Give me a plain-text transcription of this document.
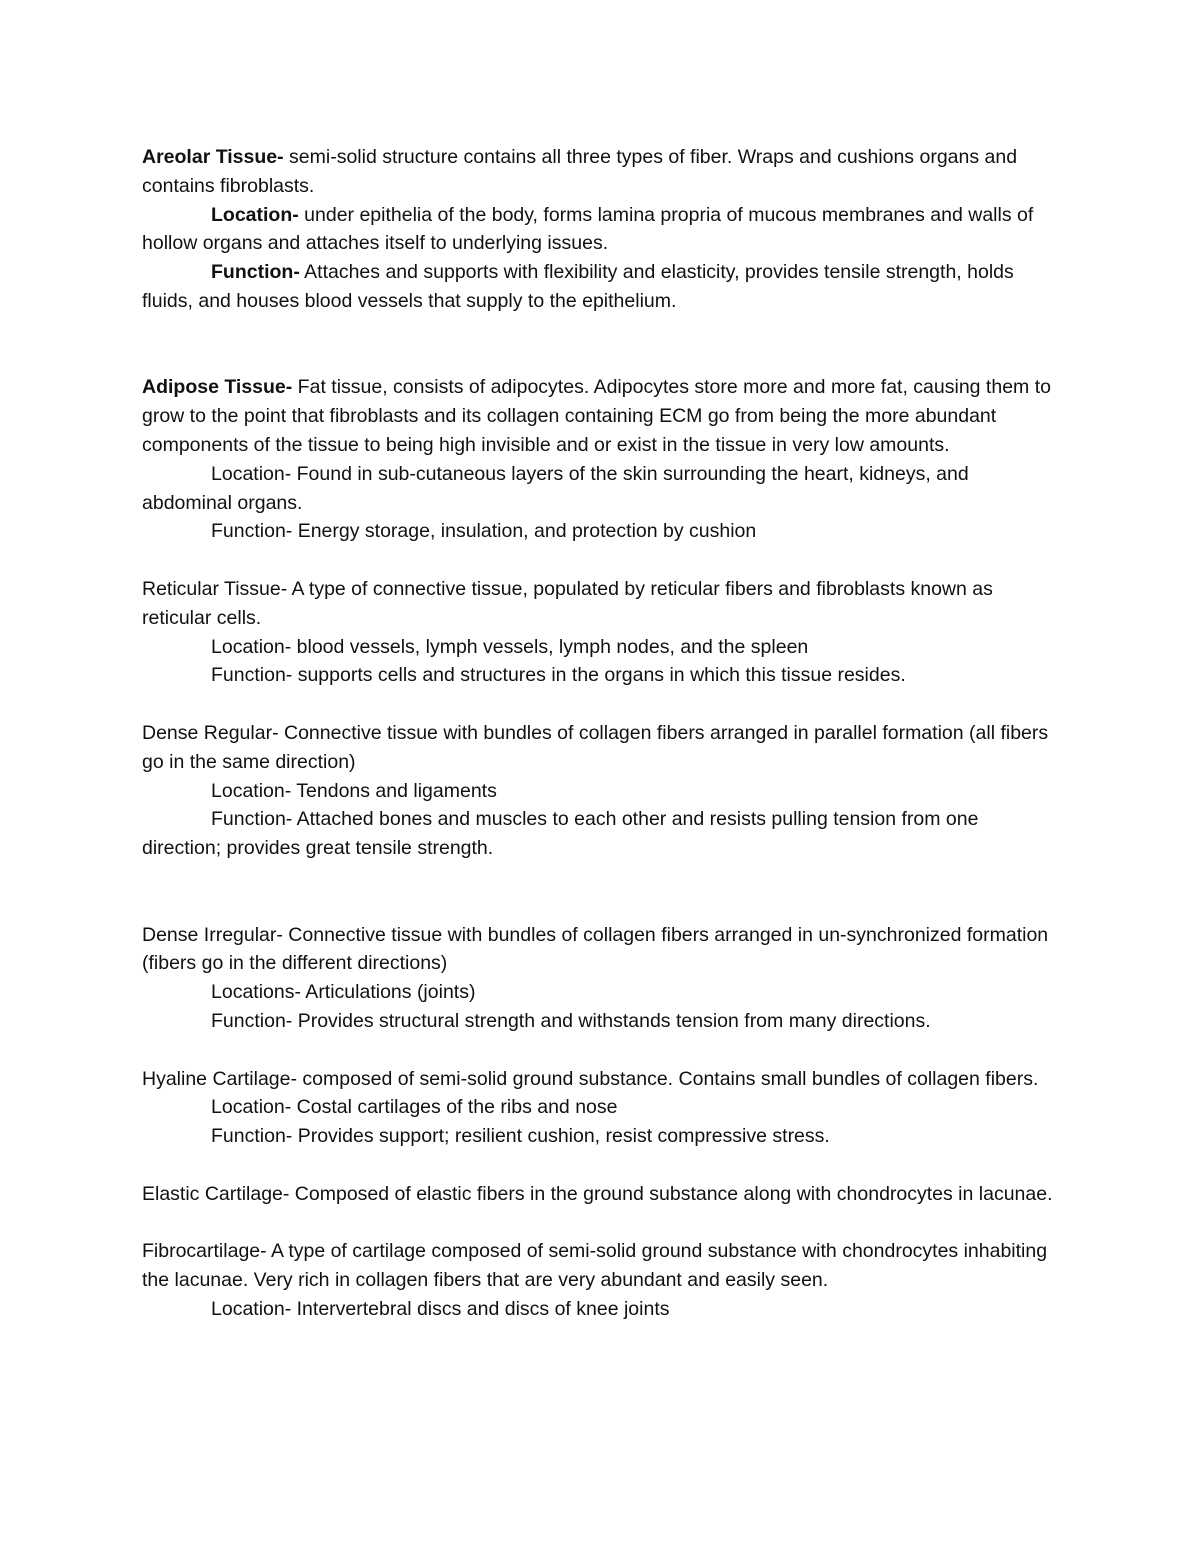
Areolar Tissue- semi-solid structure contains all three types of fiber. Wraps and cushions organs and contains fibroblasts.

Location- under epithelia of the body, forms lamina propria of mucous membranes and walls of hollow organs and attaches itself to underlying issues.

Function- Attaches and supports with flexibility and elasticity, provides tensile strength, holds fluids, and houses blood vessels that supply to the epithelium.

Adipose Tissue- Fat tissue, consists of adipocytes. Adipocytes store more and more fat, causing them to grow to the point that fibroblasts and its collagen containing ECM go from being the more abundant components of the tissue to being high invisible and or exist in the tissue in very low amounts.

Location- Found in sub-cutaneous layers of the skin surrounding the heart, kidneys, and abdominal organs.

Function- Energy storage, insulation, and protection by cushion

Reticular Tissue- A type of connective tissue, populated by reticular fibers and fibroblasts known as reticular cells.

Location- blood vessels, lymph vessels, lymph nodes, and the spleen

Function- supports cells and structures in the organs in which this tissue resides.

Dense Regular- Connective tissue with bundles of collagen fibers arranged in parallel formation (all fibers go in the same direction)

Location- Tendons and ligaments

Function- Attached bones and muscles to each other and resists pulling tension from one direction; provides great tensile strength.

Dense Irregular- Connective tissue with bundles of collagen fibers arranged in un-synchronized formation (fibers go in the different directions)

Locations- Articulations (joints)

Function- Provides structural strength and withstands tension from many directions.

Hyaline Cartilage- composed of semi-solid ground substance. Contains small bundles of collagen fibers.

Location- Costal cartilages of the ribs and nose

Function- Provides support; resilient cushion, resist compressive stress.

Elastic Cartilage- Composed of elastic fibers in the ground substance along with chondrocytes in lacunae.

Fibrocartilage- A type of cartilage composed of semi-solid ground substance with chondrocytes inhabiting the lacunae. Very rich in collagen fibers that are very abundant and easily seen.

Location- Intervertebral discs and discs of knee joints
